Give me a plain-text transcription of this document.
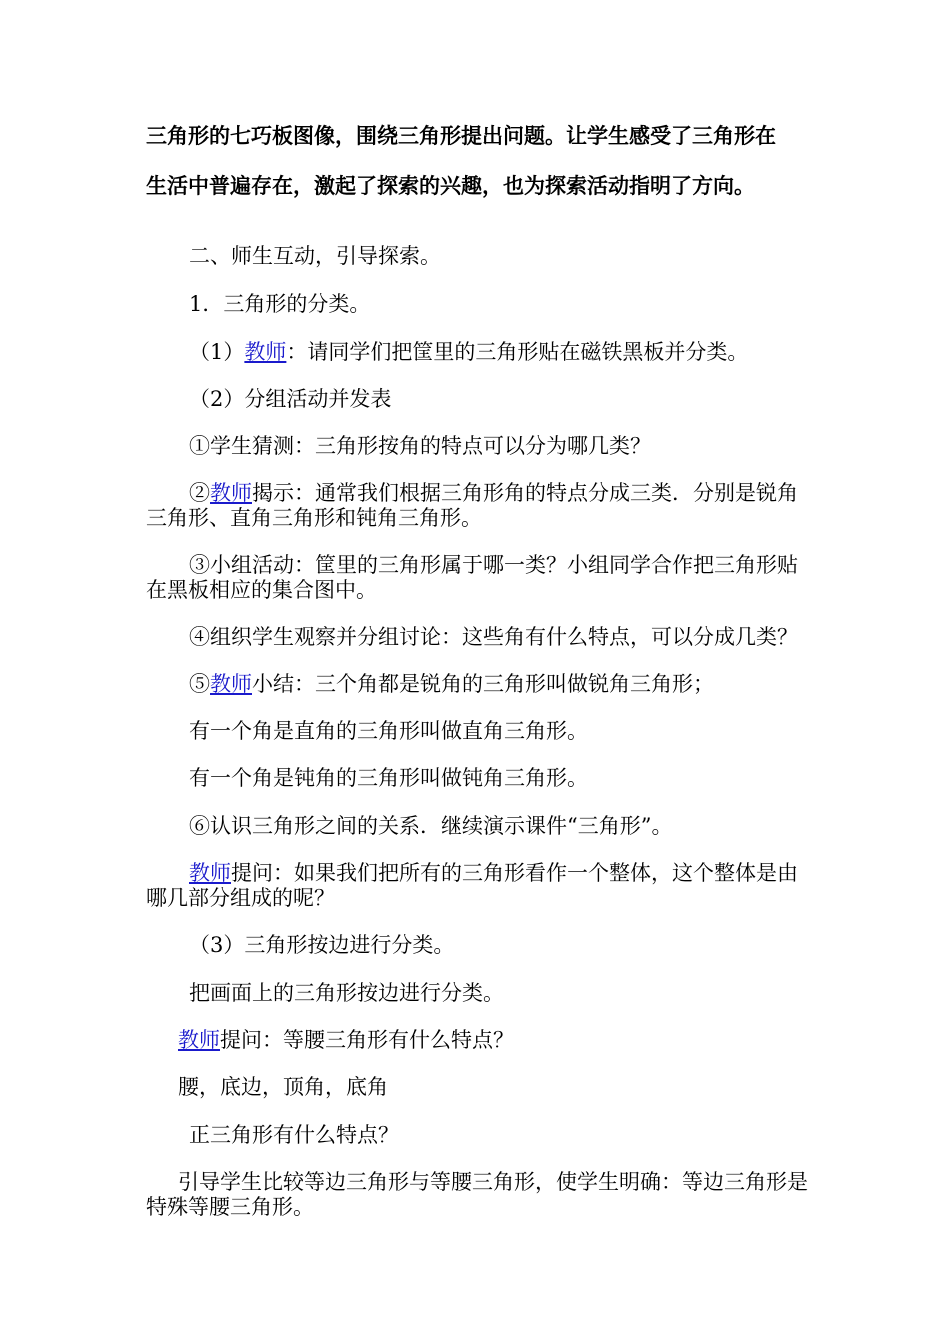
三角形的七巧板图像，围绕三角形提出问题。让学生感受了三角形在
生活中普遍存在，激起了探索的兴趣，也为探索活动指明了方向。
二、师生互动，引导探索。
1．三角形的分类。
（1）教师：请同学们把筐里的三角形贴在磁铁黑板并分类。
（2）分组活动并发表
①学生猜测：三角形按角的特点可以分为哪几类？
②教师揭示：通常我们根据三角形角的特点分成三类．分别是锐角三角形、直角三角形和钝角三角形。
③小组活动：筐里的三角形属于哪一类？小组同学合作把三角形贴在黑板相应的集合图中。
④组织学生观察并分组讨论：这些角有什么特点，可以分成几类？
⑤教师小结：三个角都是锐角的三角形叫做锐角三角形；
有一个角是直角的三角形叫做直角三角形。
有一个角是钝角的三角形叫做钝角三角形。
⑥认识三角形之间的关系．继续演示课件“三角形”。
教师提问：如果我们把所有的三角形看作一个整体，这个整体是由哪几部分组成的呢？
（3）三角形按边进行分类。
把画面上的三角形按边进行分类。
教师提问：等腰三角形有什么特点？
腰，底边，顶角，底角
正三角形有什么特点？
引导学生比较等边三角形与等腰三角形，使学生明确：等边三角形是特殊等腰三角形。
